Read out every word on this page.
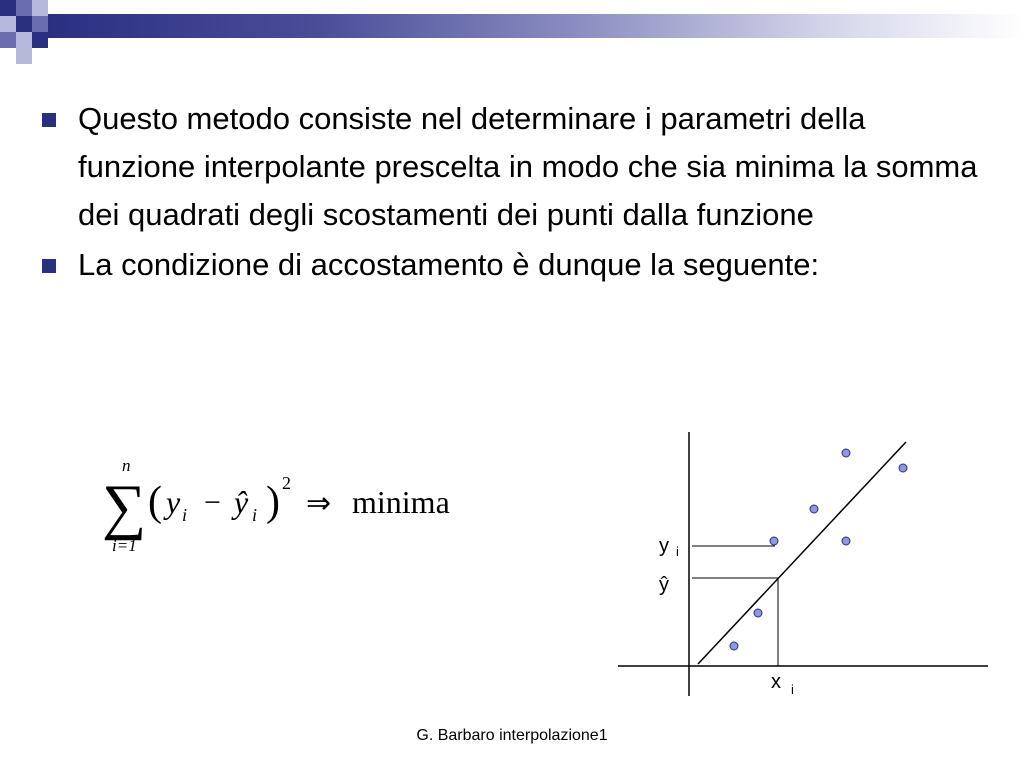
Questo metodo consiste nel determinare i parametri della funzione interpolante prescelta in modo che sia minima la somma dei quadrati degli scostamenti dei punti dalla funzione
La condizione di accostamento è dunque la seguente:
n
∑
i=1
( y i − ŷ i ) 2
⇒ minima
y i
ŷ
x i
G. Barbaro interpolazione1
